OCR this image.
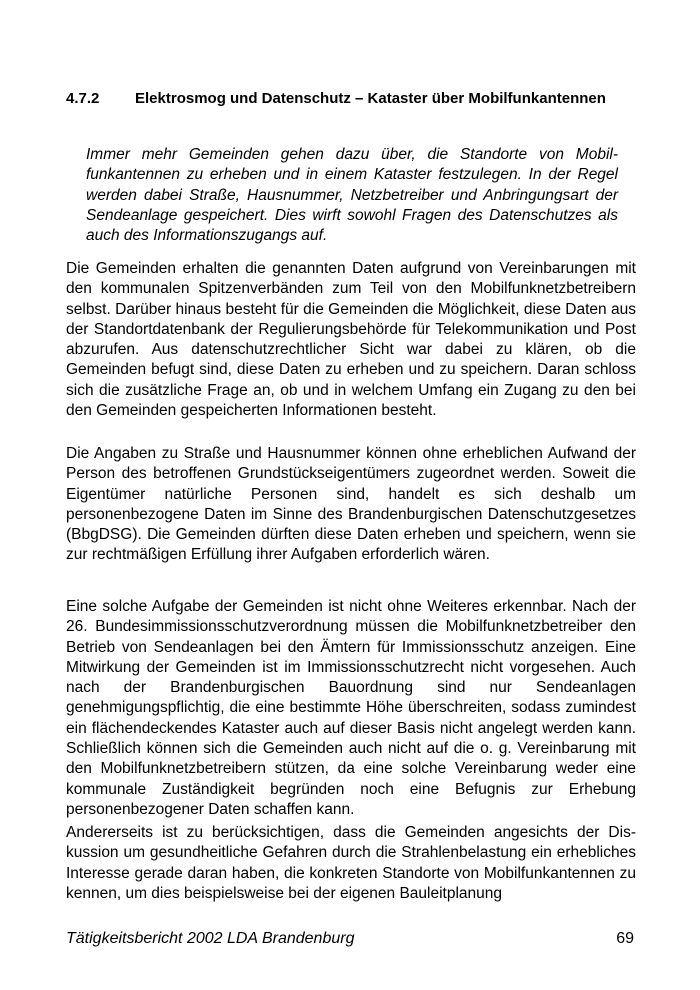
4.7.2 Elektrosmog und Datenschutz – Kataster über Mobilfunkantennen
Immer mehr Gemeinden gehen dazu über, die Standorte von Mobilfunkantennen zu erheben und in einem Kataster festzulegen. In der Regel werden dabei Straße, Hausnummer, Netzbetreiber und Anbringungsart der Sendeanlage gespeichert. Dies wirft sowohl Fragen des Datenschutzes als auch des Informationszugangs auf.
Die Gemeinden erhalten die genannten Daten aufgrund von Vereinbarungen mit den kommunalen Spitzenverbänden zum Teil von den Mobilfunknetzbetreibern selbst. Darüber hinaus besteht für die Gemeinden die Möglichkeit, diese Daten aus der Standortdatenbank der Regulierungsbehörde für Telekommunikation und Post abzurufen. Aus datenschutzrechtlicher Sicht war dabei zu klären, ob die Gemeinden befugt sind, diese Daten zu erheben und zu speichern. Daran schloss sich die zusätzliche Frage an, ob und in welchem Umfang ein Zugang zu den bei den Gemeinden gespeicherten Informationen besteht.
Die Angaben zu Straße und Hausnummer können ohne erheblichen Aufwand der Person des betroffenen Grundstückseigentümers zugeordnet werden. Soweit die Eigentümer natürliche Personen sind, handelt es sich deshalb um personenbezogene Daten im Sinne des Brandenburgischen Datenschutzgesetzes (BbgDSG). Die Gemeinden dürften diese Daten erheben und speichern, wenn sie zur rechtmäßigen Erfüllung ihrer Aufgaben erforderlich wären.
Eine solche Aufgabe der Gemeinden ist nicht ohne Weiteres erkennbar. Nach der 26. Bundesimmissionsschutzverordnung müssen die Mobilfunknetzbetreiber den Betrieb von Sendeanlagen bei den Ämtern für Immissionsschutz anzeigen. Eine Mitwirkung der Gemeinden ist im Immissionsschutzrecht nicht vorgesehen. Auch nach der Brandenburgischen Bauordnung sind nur Sendeanlagen genehmigungspflichtig, die eine bestimmte Höhe überschreiten, sodass zumindest ein flächendeckendes Kataster auch auf dieser Basis nicht angelegt werden kann. Schließlich können sich die Gemeinden auch nicht auf die o. g. Vereinbarung mit den Mobilfunknetzbetreibern stützen, da eine solche Vereinbarung weder eine kommunale Zuständigkeit begründen noch eine Befugnis zur Erhebung personenbezogener Daten schaffen kann.
Andererseits ist zu berücksichtigen, dass die Gemeinden angesichts der Diskussion um gesundheitliche Gefahren durch die Strahlenbelastung ein erhebliches Interesse gerade daran haben, die konkreten Standorte von Mobilfunkantennen zu kennen, um dies beispielsweise bei der eigenen Bauleitplanung
Tätigkeitsbericht 2002 LDA Brandenburg	69
